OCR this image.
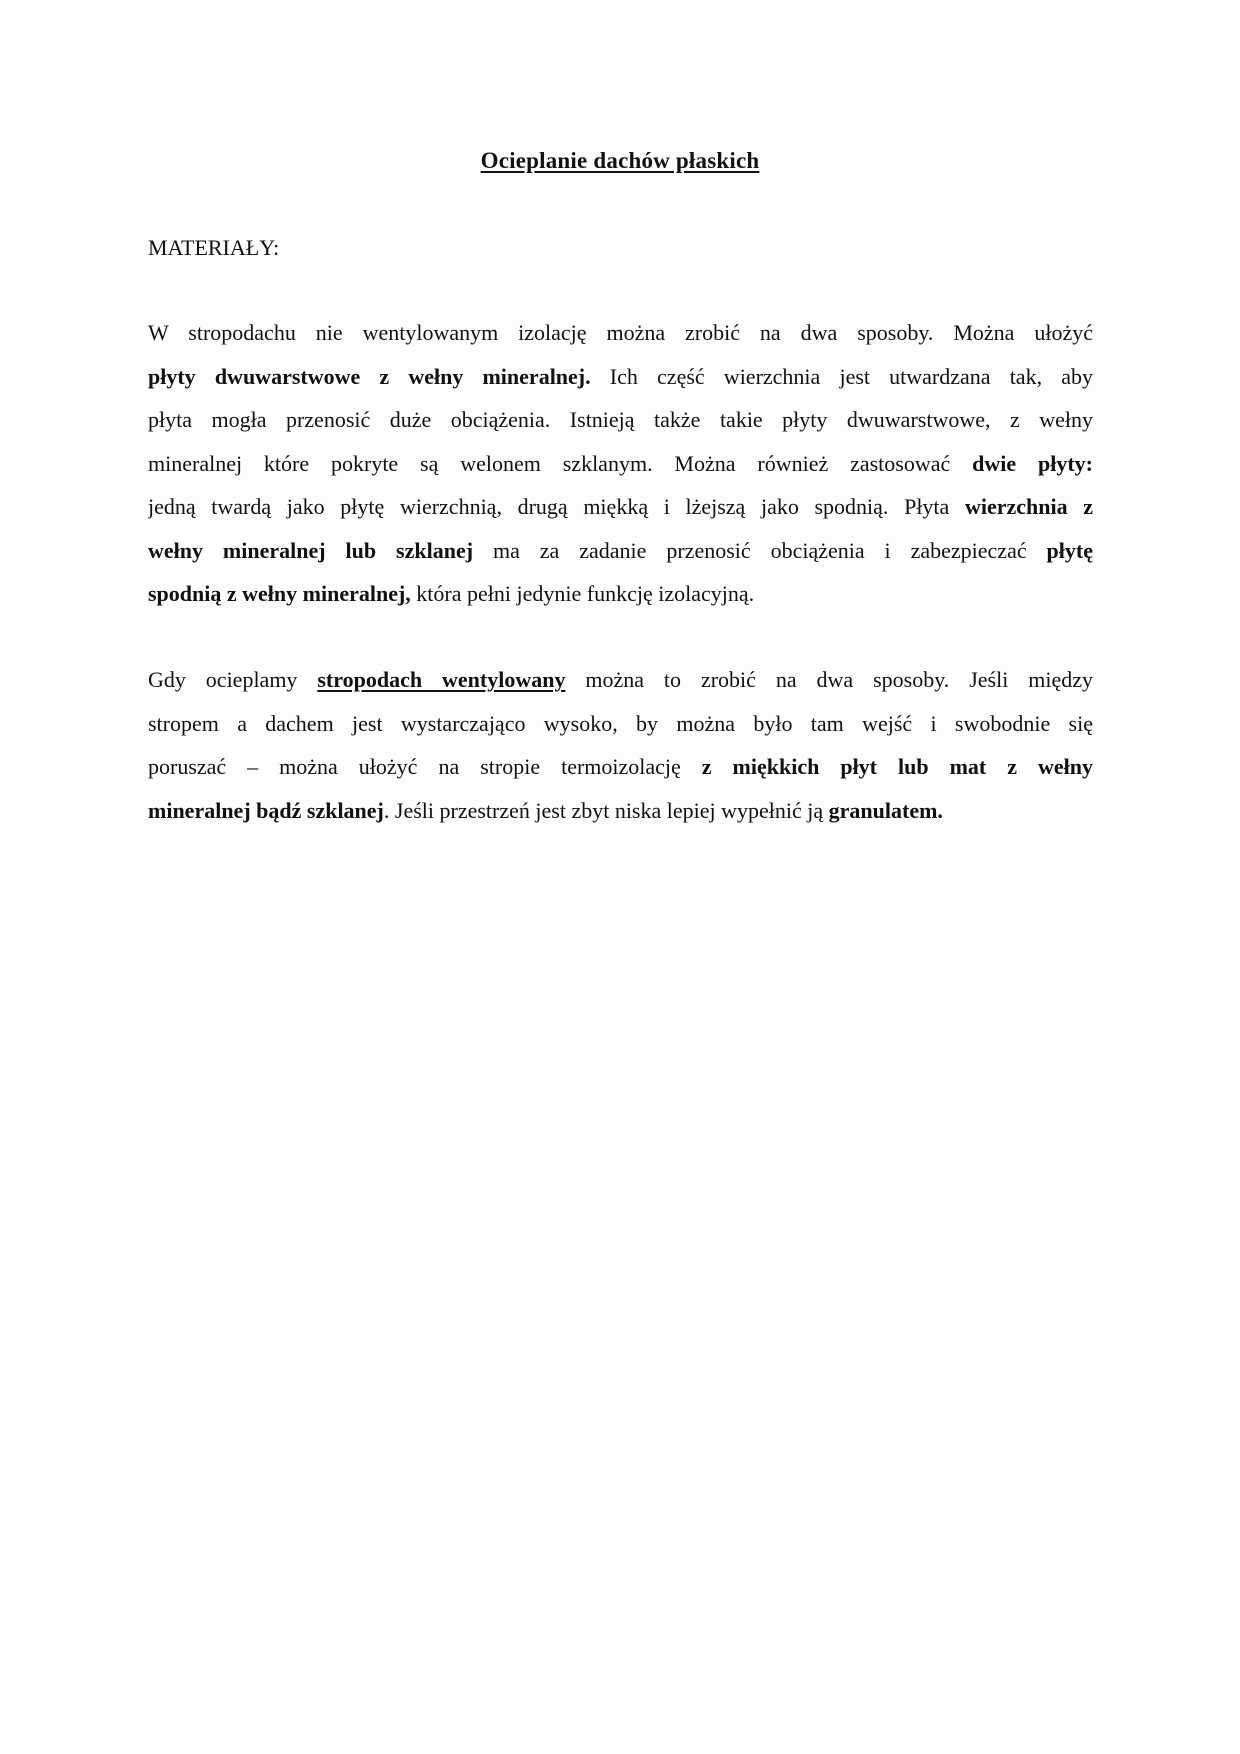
Ocieplanie dachów płaskich
MATERIAŁY:
W stropodachu nie wentylowanym izolację można zrobić na dwa sposoby. Można ułożyć
płyty dwuwarstwowe z wełny mineralnej. Ich część wierzchnia jest utwardzana tak, aby
płyta mogła przenosić duże obciążenia. Istnieją także takie płyty dwuwarstwowe, z wełny
mineralnej które pokryte są welonem szklanym. Można również zastosować dwie płyty:
jedną twardą jako płytę wierzchnią, drugą miękką i lżejszą jako spodnią. Płyta wierzchnia z
wełny mineralnej lub szklanej ma za zadanie przenosić obciążenia i zabezpieczać płytę
spodnią z wełny mineralnej, która pełni jedynie funkcję izolacyjną.
Gdy ocieplamy stropodach wentylowany można to zrobić na dwa sposoby. Jeśli między
stropem a dachem jest wystarczająco wysoko, by można było tam wejść i swobodnie się
poruszać – można ułożyć na stropie termoizolację z miękkich płyt lub mat z wełny
mineralnej bądź szklanej. Jeśli przestrzeń jest zbyt niska lepiej wypełnić ją granulatem.
